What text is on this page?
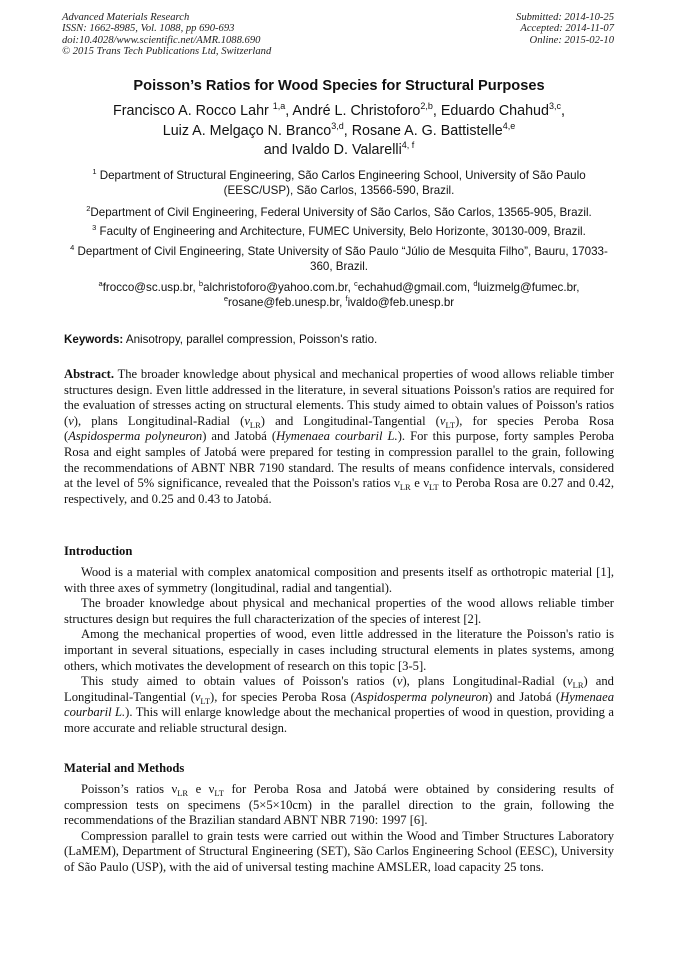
Advanced Materials Research
ISSN: 1662-8985, Vol. 1088, pp 690-693
doi:10.4028/www.scientific.net/AMR.1088.690
© 2015 Trans Tech Publications Ltd, Switzerland
Submitted: 2014-10-25
Accepted: 2014-11-07
Online: 2015-02-10
Poisson’s Ratios for Wood Species for Structural Purposes
Francisco A. Rocco Lahr $^{1,a}$, André L. Christoforo$^{2,b}$, Eduardo Chahud$^{3,c}$,
Luiz A. Melgaço N. Branco$^{3,d}$, Rosane A. G. Battistelle$^{4,e}$
and Ivaldo D. Valarelli$^{4, f}$
$^1$ Department of Structural Engineering, São Carlos Engineering School, University of São Paulo (EESC/USP), São Carlos, 13566-590, Brazil.
$^2$Department of Civil Engineering, Federal University of São Carlos, São Carlos, 13565-905, Brazil.
$^3$ Faculty of Engineering and Architecture, FUMEC University, Belo Horizonte, 30130-009, Brazil.
$^4$ Department of Civil Engineering, State University of São Paulo “Júlio de Mesquita Filho”, Bauru, 17033-360, Brazil.
$^a$frocco@sc.usp.br, $^b$alchristoforo@yahoo.com.br, $^c$echahud@gmail.com, $^d$luizmelg@fumec.br,
$^e$rosane@feb.unesp.br, $^f$ivaldo@feb.unesp.br
Keywords: Anisotropy, parallel compression, Poisson's ratio.
Abstract. The broader knowledge about physical and mechanical properties of wood allows reliable timber structures design. Even little addressed in the literature, in several situations Poisson's ratios are required for the evaluation of stresses acting on structural elements. This study aimed to obtain values of Poisson's ratios (ν), plans Longitudinal-Radial $(\nu_{LR})$ and Longitudinal-Tangential $(\nu_{LT})$, for species Peroba Rosa (Aspidosperma polyneuron) and Jatobá (Hymenaea courbaril L.). For this purpose, forty samples Peroba Rosa and eight samples of Jatobá were prepared for testing in compression parallel to the grain, following the recommendations of ABNT NBR 7190 standard. The results of means confidence intervals, considered at the level of 5% significance, revealed that the Poisson's ratios $\nu_{LR}$ e $\nu_{LT}$ to Peroba Rosa are 0.27 and 0.42, respectively, and 0.25 and 0.43 to Jatobá.
Introduction

Wood is a material with complex anatomical composition and presents itself as orthotropic material [1], with three axes of symmetry (longitudinal, radial and tangential).

The broader knowledge about physical and mechanical properties of the wood allows reliable timber structures design but requires the full characterization of the species of interest [2].

Among the mechanical properties of wood, even little addressed in the literature the Poisson's ratio is important in several situations, especially in cases including structural elements in plates systems, among others, which motivates the development of research on this topic [3-5].

This study aimed to obtain values of Poisson's ratios (ν), plans Longitudinal-Radial $(\nu_{LR})$ and Longitudinal-Tangential $(\nu_{LT})$, for species Peroba Rosa (Aspidosperma polyneuron) and Jatobá (Hymenaea courbaril L.). This will enlarge knowledge about the mechanical properties of wood in question, providing a more accurate and reliable structural design.

Material and Methods

Poisson’s ratios $\nu_{LR}$ e $\nu_{LT}$ for Peroba Rosa and Jatobá were obtained by considering results of compression tests on specimens (5×5×10cm) in the parallel direction to the grain, following the recommendations of the Brazilian standard ABNT NBR 7190: 1997 [6].

Compression parallel to grain tests were carried out within the Wood and Timber Structures Laboratory (LaMEM), Department of Structural Engineering (SET), São Carlos Engineering School (EESC), University of São Paulo (USP), with the aid of universal testing machine AMSLER, load capacity 25 tons.
